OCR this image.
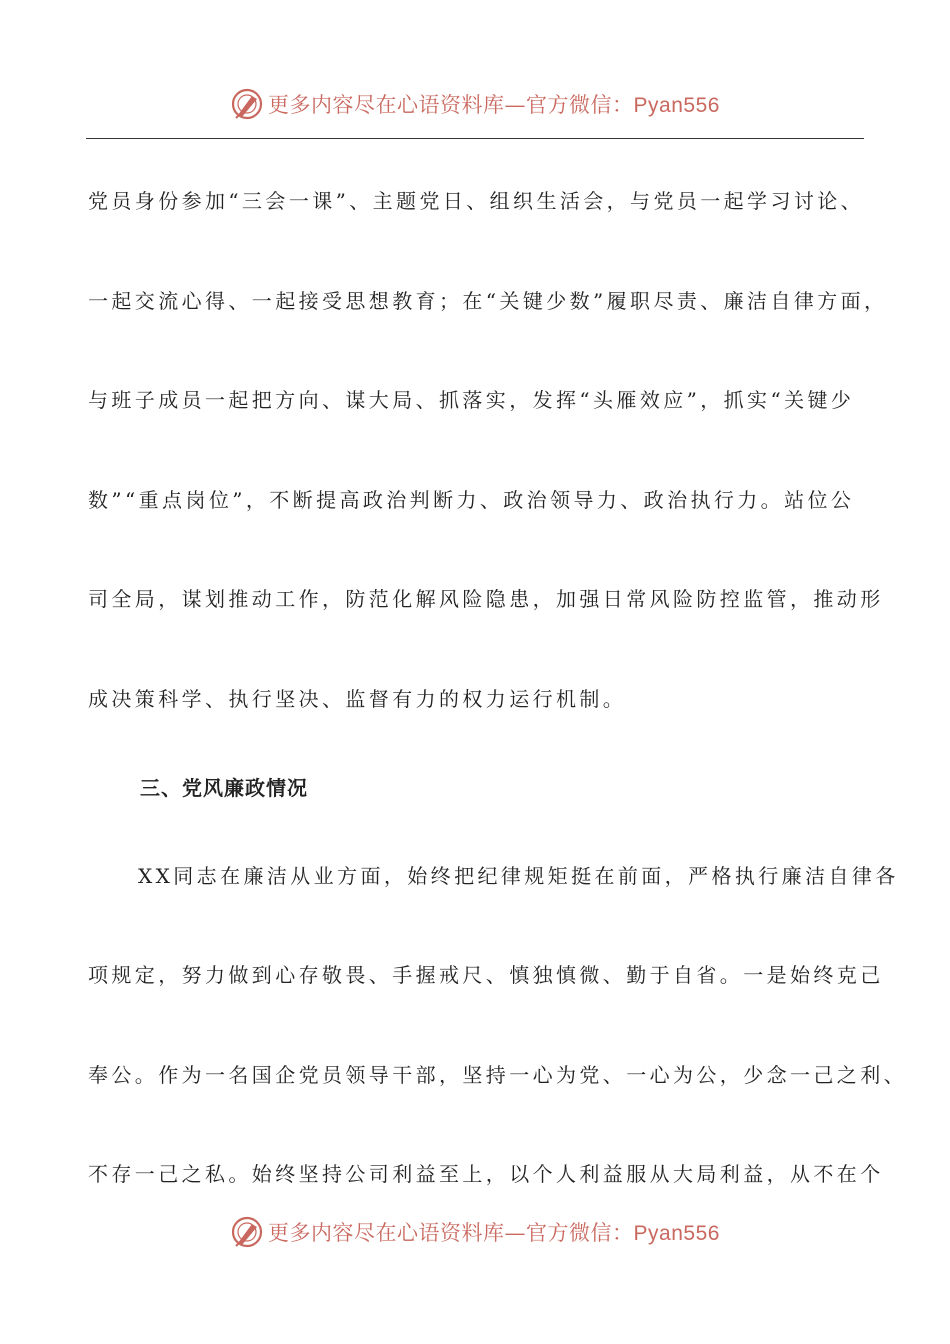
更多内容尽在心语资料库—官方微信：Pyan556
党员身份参加“三会一课”、主题党日、组织生活会，与党员一起学习讨论、
一起交流心得、一起接受思想教育；在“关键少数”履职尽责、廉洁自律方面，
与班子成员一起把方向、谋大局、抓落实，发挥“头雁效应”，抓实“关键少
数”“重点岗位”，不断提高政治判断力、政治领导力、政治执行力。站位公
司全局，谋划推动工作，防范化解风险隐患，加强日常风险防控监管，推动形
成决策科学、执行坚决、监督有力的权力运行机制。
三、党风廉政情况
XX同志在廉洁从业方面，始终把纪律规矩挺在前面，严格执行廉洁自律各
项规定，努力做到心存敬畏、手握戒尺、慎独慎微、勤于自省。一是始终克己
奉公。作为一名国企党员领导干部，坚持一心为党、一心为公，少念一己之利、
不存一己之私。始终坚持公司利益至上，以个人利益服从大局利益，从不在个
更多内容尽在心语资料库—官方微信：Pyan556
